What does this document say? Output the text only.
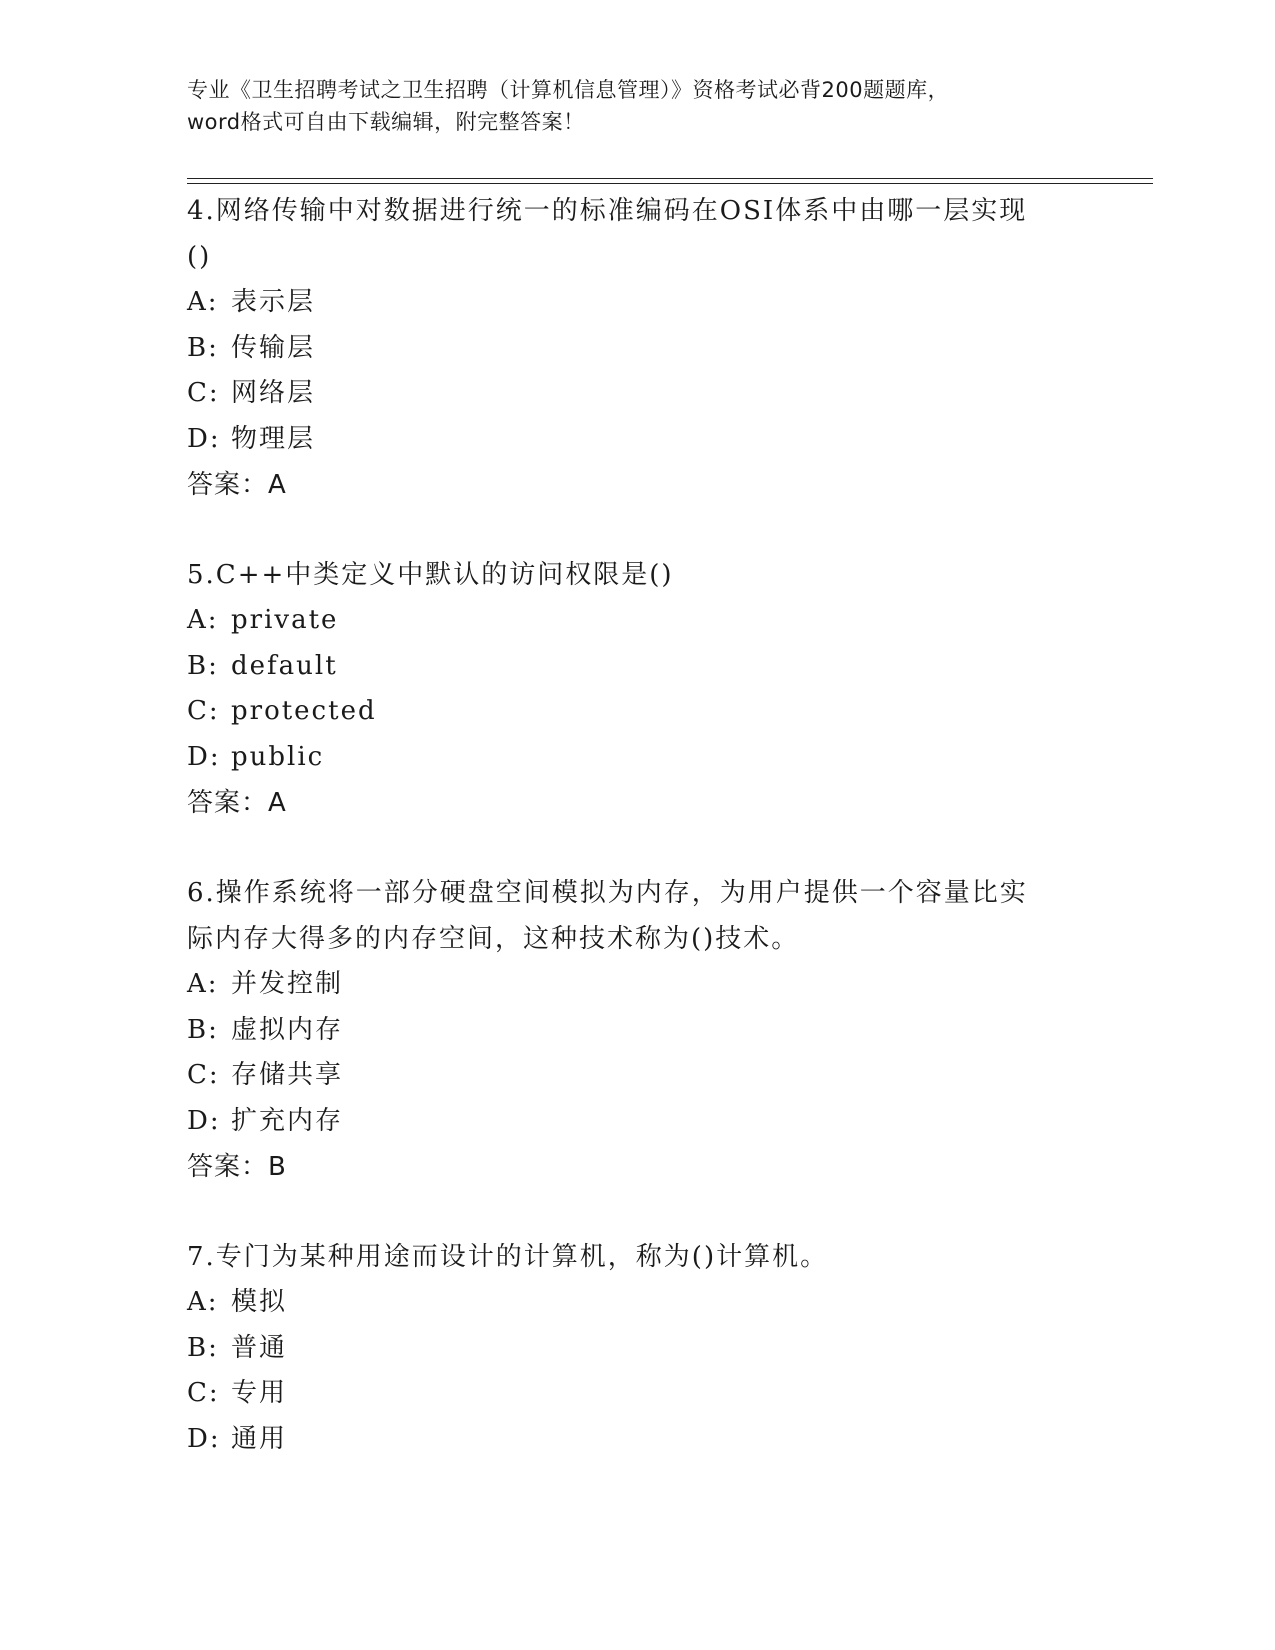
专业《卫生招聘考试之卫生招聘（计算机信息管理）》资格考试必背200题题库，
word格式可自由下载编辑，附完整答案！
4.网络传输中对数据进行统一的标准编码在OSI体系中由哪一层实现
()
A: 表示层
B: 传输层
C: 网络层
D: 物理层
答案：A
5.C++中类定义中默认的访问权限是()
A: private
B: default
C: protected
D: public
答案：A
6.操作系统将一部分硬盘空间模拟为内存，为用户提供一个容量比实
际内存大得多的内存空间，这种技术称为()技术。
A: 并发控制
B: 虚拟内存
C: 存储共享
D: 扩充内存
答案：B
7.专门为某种用途而设计的计算机，称为()计算机。
A: 模拟
B: 普通
C: 专用
D: 通用
